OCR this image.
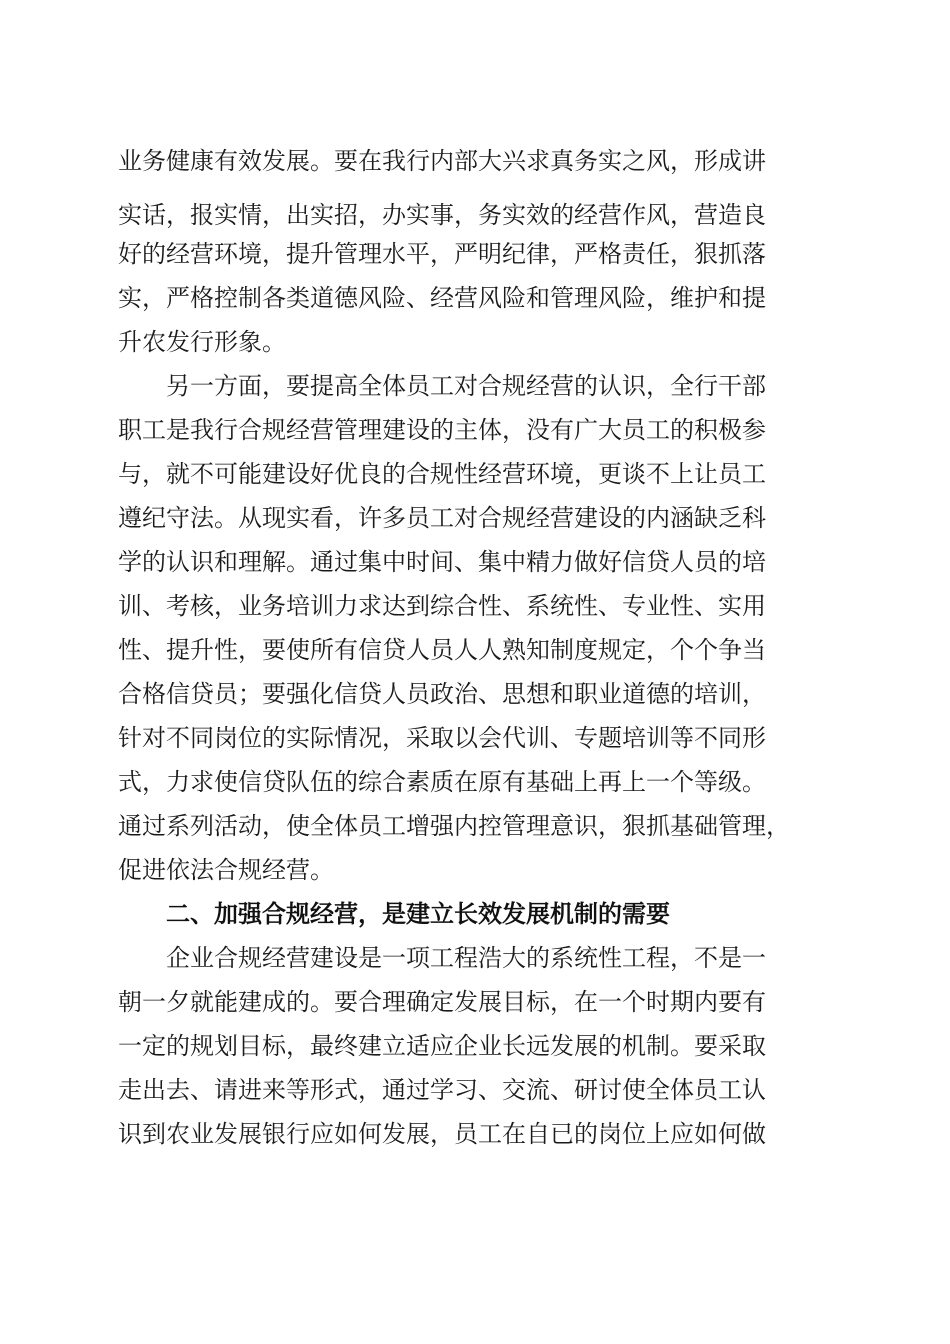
业务健康有效发展。要在我行内部大兴求真务实之风，形成讲
实话，报实情，出实招，办实事，务实效的经营作风，营造良
好的经营环境，提升管理水平，严明纪律，严格责任，狠抓落
实，严格控制各类道德风险、经营风险和管理风险，维护和提
升农发行形象。
另一方面，要提高全体员工对合规经营的认识，全行干部
职工是我行合规经营管理建设的主体，没有广大员工的积极参
与，就不可能建设好优良的合规性经营环境，更谈不上让员工
遵纪守法。从现实看，许多员工对合规经营建设的内涵缺乏科
学的认识和理解。通过集中时间、集中精力做好信贷人员的培
训、考核，业务培训力求达到综合性、系统性、专业性、实用
性、提升性，要使所有信贷人员人人熟知制度规定，个个争当
合格信贷员；要强化信贷人员政治、思想和职业道德的培训，
针对不同岗位的实际情况，采取以会代训、专题培训等不同形
式，力求使信贷队伍的综合素质在原有基础上再上一个等级。
通过系列活动，使全体员工增强内控管理意识，狠抓基础管理，
促进依法合规经营。
二、加强合规经营，是建立长效发展机制的需要
企业合规经营建设是一项工程浩大的系统性工程，不是一
朝一夕就能建成的。要合理确定发展目标，在一个时期内要有
一定的规划目标，最终建立适应企业长远发展的机制。要采取
走出去、请进来等形式，通过学习、交流、研讨使全体员工认
识到农业发展银行应如何发展，员工在自已的岗位上应如何做
